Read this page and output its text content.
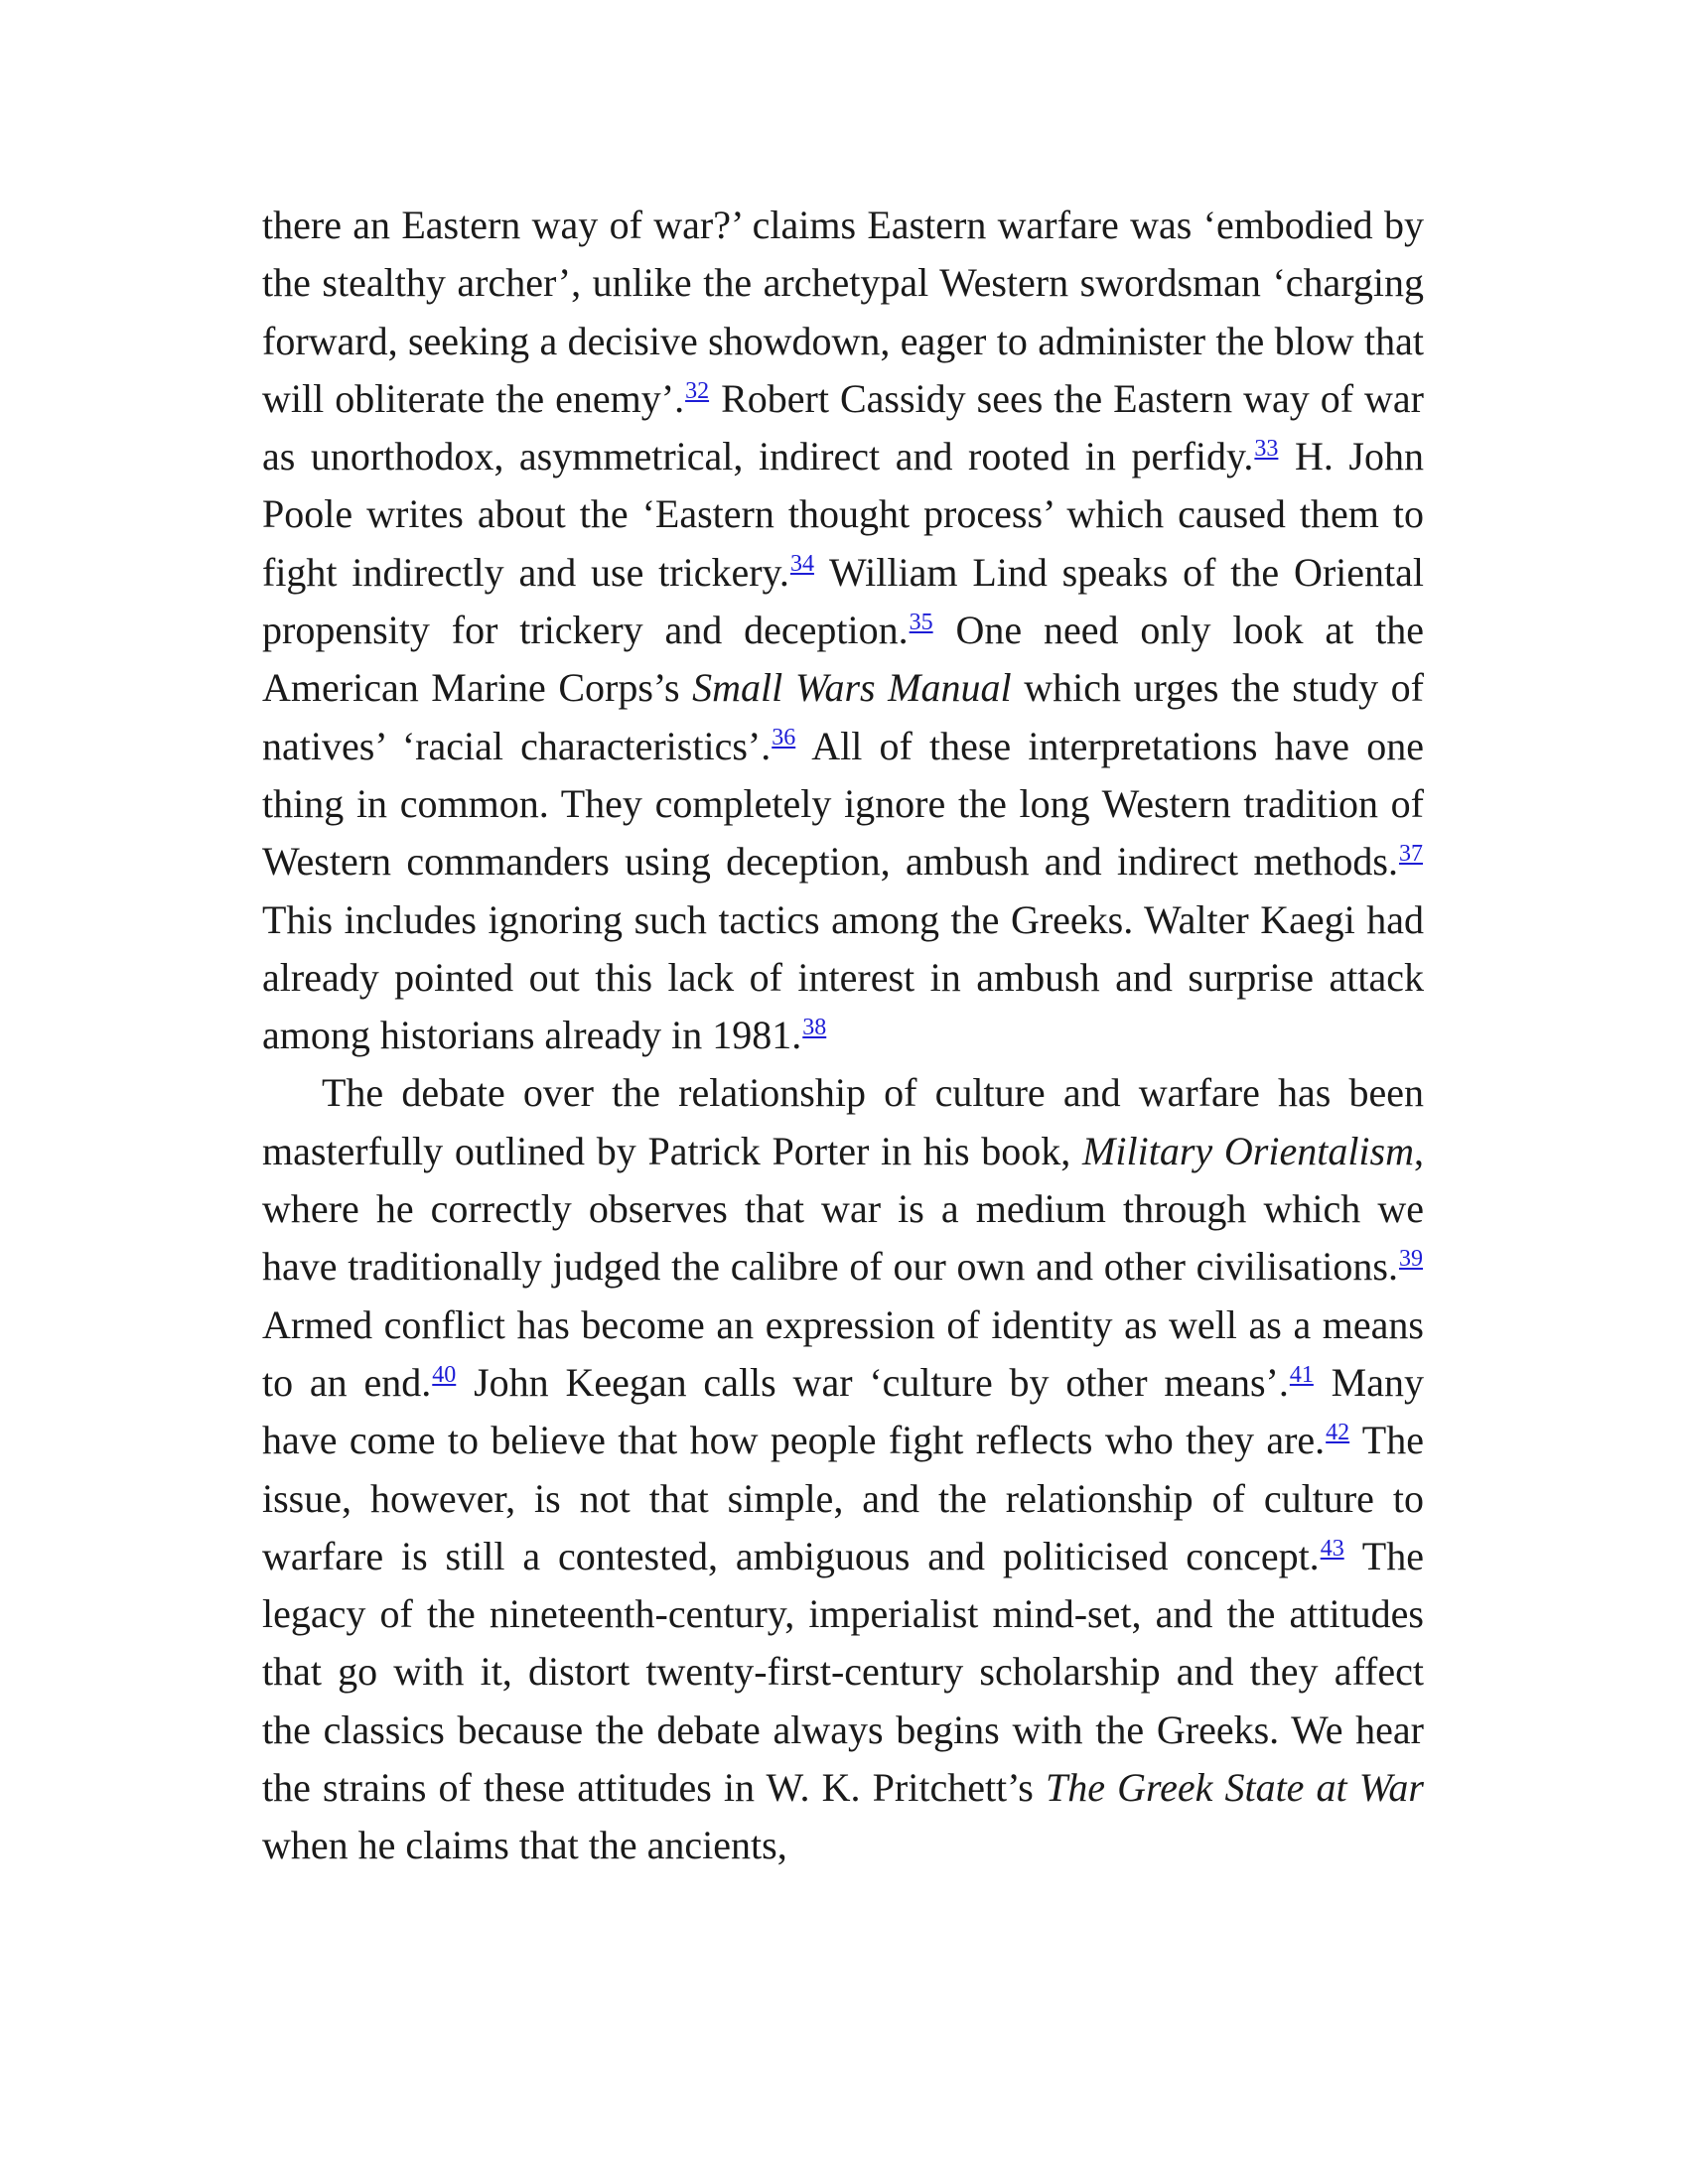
there an Eastern way of war?’ claims Eastern warfare was ‘embodied by the stealthy archer’, unlike the archetypal Western swordsman ‘charging forward, seeking a decisive showdown, eager to administer the blow that will obliterate the enemy’.$^{32}$ Robert Cassidy sees the Eastern way of war as unorthodox, asymmetrical, indirect and rooted in perfidy.$^{33}$ H. John Poole writes about the ‘Eastern thought process’ which caused them to fight indirectly and use trickery.$^{34}$ William Lind speaks of the Oriental propensity for trickery and deception.$^{35}$ One need only look at the American Marine Corps’s Small Wars Manual which urges the study of natives’ ‘racial characteristics’.$^{36}$ All of these interpretations have one thing in common. They completely ignore the long Western tradition of Western commanders using deception, ambush and indirect methods.$^{37}$ This includes ignoring such tactics among the Greeks. Walter Kaegi had already pointed out this lack of interest in ambush and surprise attack among historians already in 1981.38

The debate over the relationship of culture and warfare has been masterfully outlined by Patrick Porter in his book, Military Orientalism, where he correctly observes that war is a medium through which we have traditionally judged the calibre of our own and other civilisations.$^{39}$ Armed conflict has become an expression of identity as well as a means to an end.$^{40}$ John Keegan calls war ‘culture by other means’.$^{41}$ Many have come to believe that how people fight reflects who they are.$^{42}$ The issue, however, is not that simple, and the relationship of culture to warfare is still a contested, ambiguous and politicised concept.$^{43}$ The legacy of the nineteenth-century, imperialist mind-set, and the attitudes that go with it, distort twenty-first-century scholarship and they affect the classics because the debate always begins with the Greeks. We hear the strains of these attitudes in W. K. Pritchett’s The Greek State at War when he claims that the ancients,
